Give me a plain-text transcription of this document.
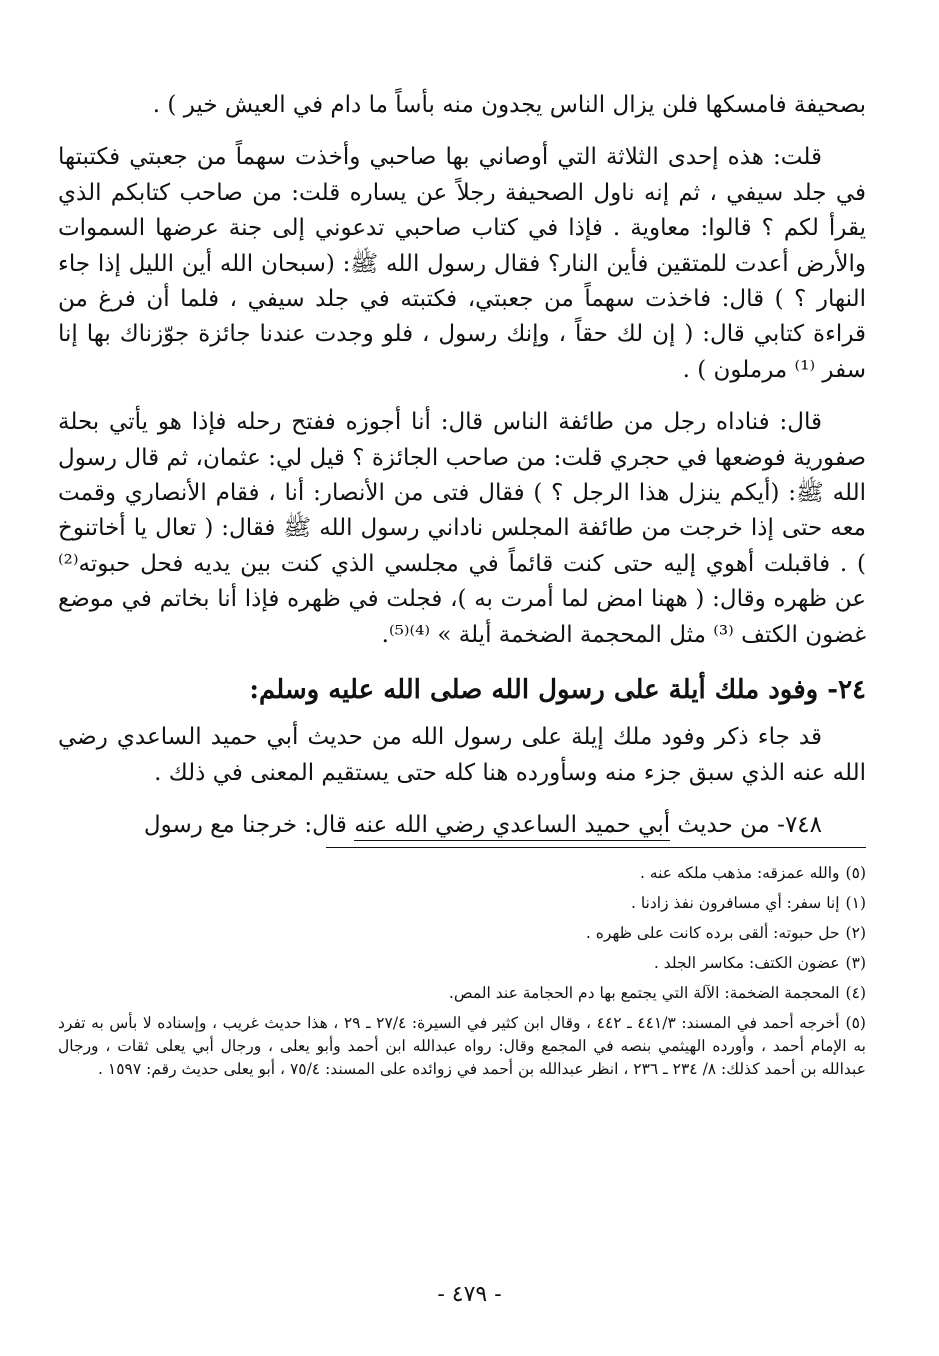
بصحيفة فامسكها فلن يزال الناس يجدون منه بأساً ما دام في العيش خير ) .

قلت: هذه إحدى الثلاثة التي أوصاني بها صاحبي وأخذت سهماً من جعبتي فكتبتها في جلد سيفي ، ثم إنه ناول الصحيفة رجلاً عن يساره قلت: من صاحب كتابكم الذي يقرأ لكم ؟ قالوا: معاوية . فإذا في كتاب صاحبي تدعوني إلى جنة عرضها السموات والأرض أعدت للمتقين فأين النار؟ فقال رسول الله ﷺ: (سبحان الله أين الليل إذا جاء النهار ؟ ) قال: فاخذت سهماً من جعبتي، فكتبته في جلد سيفي ، فلما أن فرغ من قراءة كتابي قال: ( إن لك حقاً ، وإنك رسول ، فلو وجدت عندنا جائزة جوّزناك بها إنا سفر ⁽¹⁾ مرملون ) .

قال: فناداه رجل من طائفة الناس قال: أنا أجوزه ففتح رحله فإذا هو يأتي بحلة صفورية فوضعها في حجري قلت: من صاحب الجائزة ؟ قيل لي: عثمان، ثم قال رسول الله ﷺ: (أيكم ينزل هذا الرجل ؟ ) فقال فتى من الأنصار: أنا ، فقام الأنصاري وقمت معه حتى إذا خرجت من طائفة المجلس ناداني رسول الله ﷺ فقال: ( تعال يا أخاتنوخ ) . فاقبلت أهوي إليه حتى كنت قائماً في مجلسي الذي كنت بين يديه فحل حبوته⁽²⁾ عن ظهره وقال: ( ههنا امض لما أمرت به )، فجلت في ظهره فإذا أنا بخاتم في موضع غضون الكتف ⁽³⁾ مثل المحجمة الضخمة أيلة » ⁽⁴⁾⁽⁵⁾.

٢٤- وفود ملك أيلة على رسول الله صلى الله عليه وسلم:

قد جاء ذكر وفود ملك إيلة على رسول الله من حديث أبي حميد الساعدي رضي الله عنه الذي سبق جزء منه وسأورده هنا كله حتى يستقيم المعنى في ذلك .

٧٤٨- من حديث أبي حميد الساعدي رضي الله عنه قال: خرجنا مع رسول

(٥)والله عمزقه: مذهب ملكه عنه .

(١)إنا سفر: أي مسافرون نفذ زادنا .

(٢)حل حبوته: ألقى برده كانت على ظهره .

(٣)عضون الكتف: مكاسر الجلد .

(٤)المحجمة الضخمة: الآلة التي يجتمع بها دم الحجامة عند المص.

(٥)أخرجه أحمد في المسند: ٤٤١/٣ ـ ٤٤٢ ، وقال ابن كثير في السيرة: ٢٧/٤ ـ ٢٩ ، هذا حديث غريب ، وإسناده لا بأس به تفرد به الإمام أحمد ، وأورده الهيثمي بنصه في المجمع وقال: رواه عبدالله ابن أحمد وأبو يعلى ، ورجال أبي يعلى ثقات ، ورجال عبدالله بن أحمد كذلك: ٨/ ٢٣٤ ـ ٢٣٦ ، انظر عبدالله بن أحمد في زوائده على المسند: ٧٥/٤ ، أبو يعلى حديث رقم: ١٥٩٧ .

- ٤٧٩ -
